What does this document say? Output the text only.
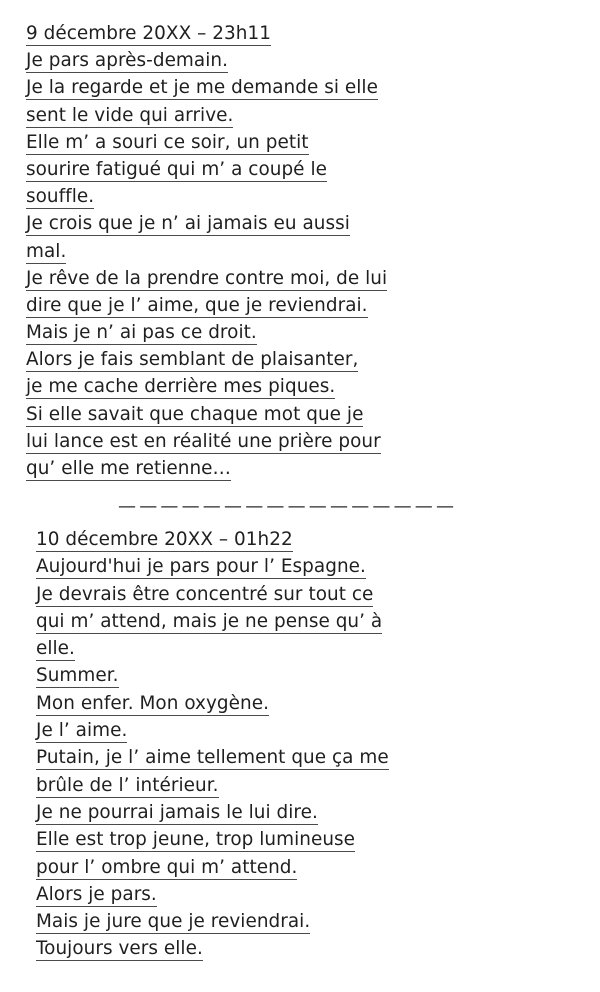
9 décembre 20XX – 23h11
Je pars après-demain.
Je la regarde et je me demande si elle
sent le vide qui arrive.
Elle m’ a souri ce soir, un petit
sourire fatigué qui m’ a coupé le
souffle.
Je crois que je n’ ai jamais eu aussi
mal.
Je rêve de la prendre contre moi, de lui
dire que je l’ aime, que je reviendrai.
Mais je n’ ai pas ce droit.
Alors je fais semblant de plaisanter,
je me cache derrière mes piques.
Si elle savait que chaque mot que je
lui lance est en réalité une prière pour
qu’ elle me retienne…
————————————————
10 décembre 20XX – 01h22
Aujourd'hui je pars pour l’ Espagne.
Je devrais être concentré sur tout ce
qui m’ attend, mais je ne pense qu’ à
elle.
Summer.
Mon enfer. Mon oxygène.
Je l’ aime.
Putain, je l’ aime tellement que ça me
brûle de l’ intérieur.
Je ne pourrai jamais le lui dire.
Elle est trop jeune, trop lumineuse
pour l’ ombre qui m’ attend.
Alors je pars.
Mais je jure que je reviendrai.
Toujours vers elle.
